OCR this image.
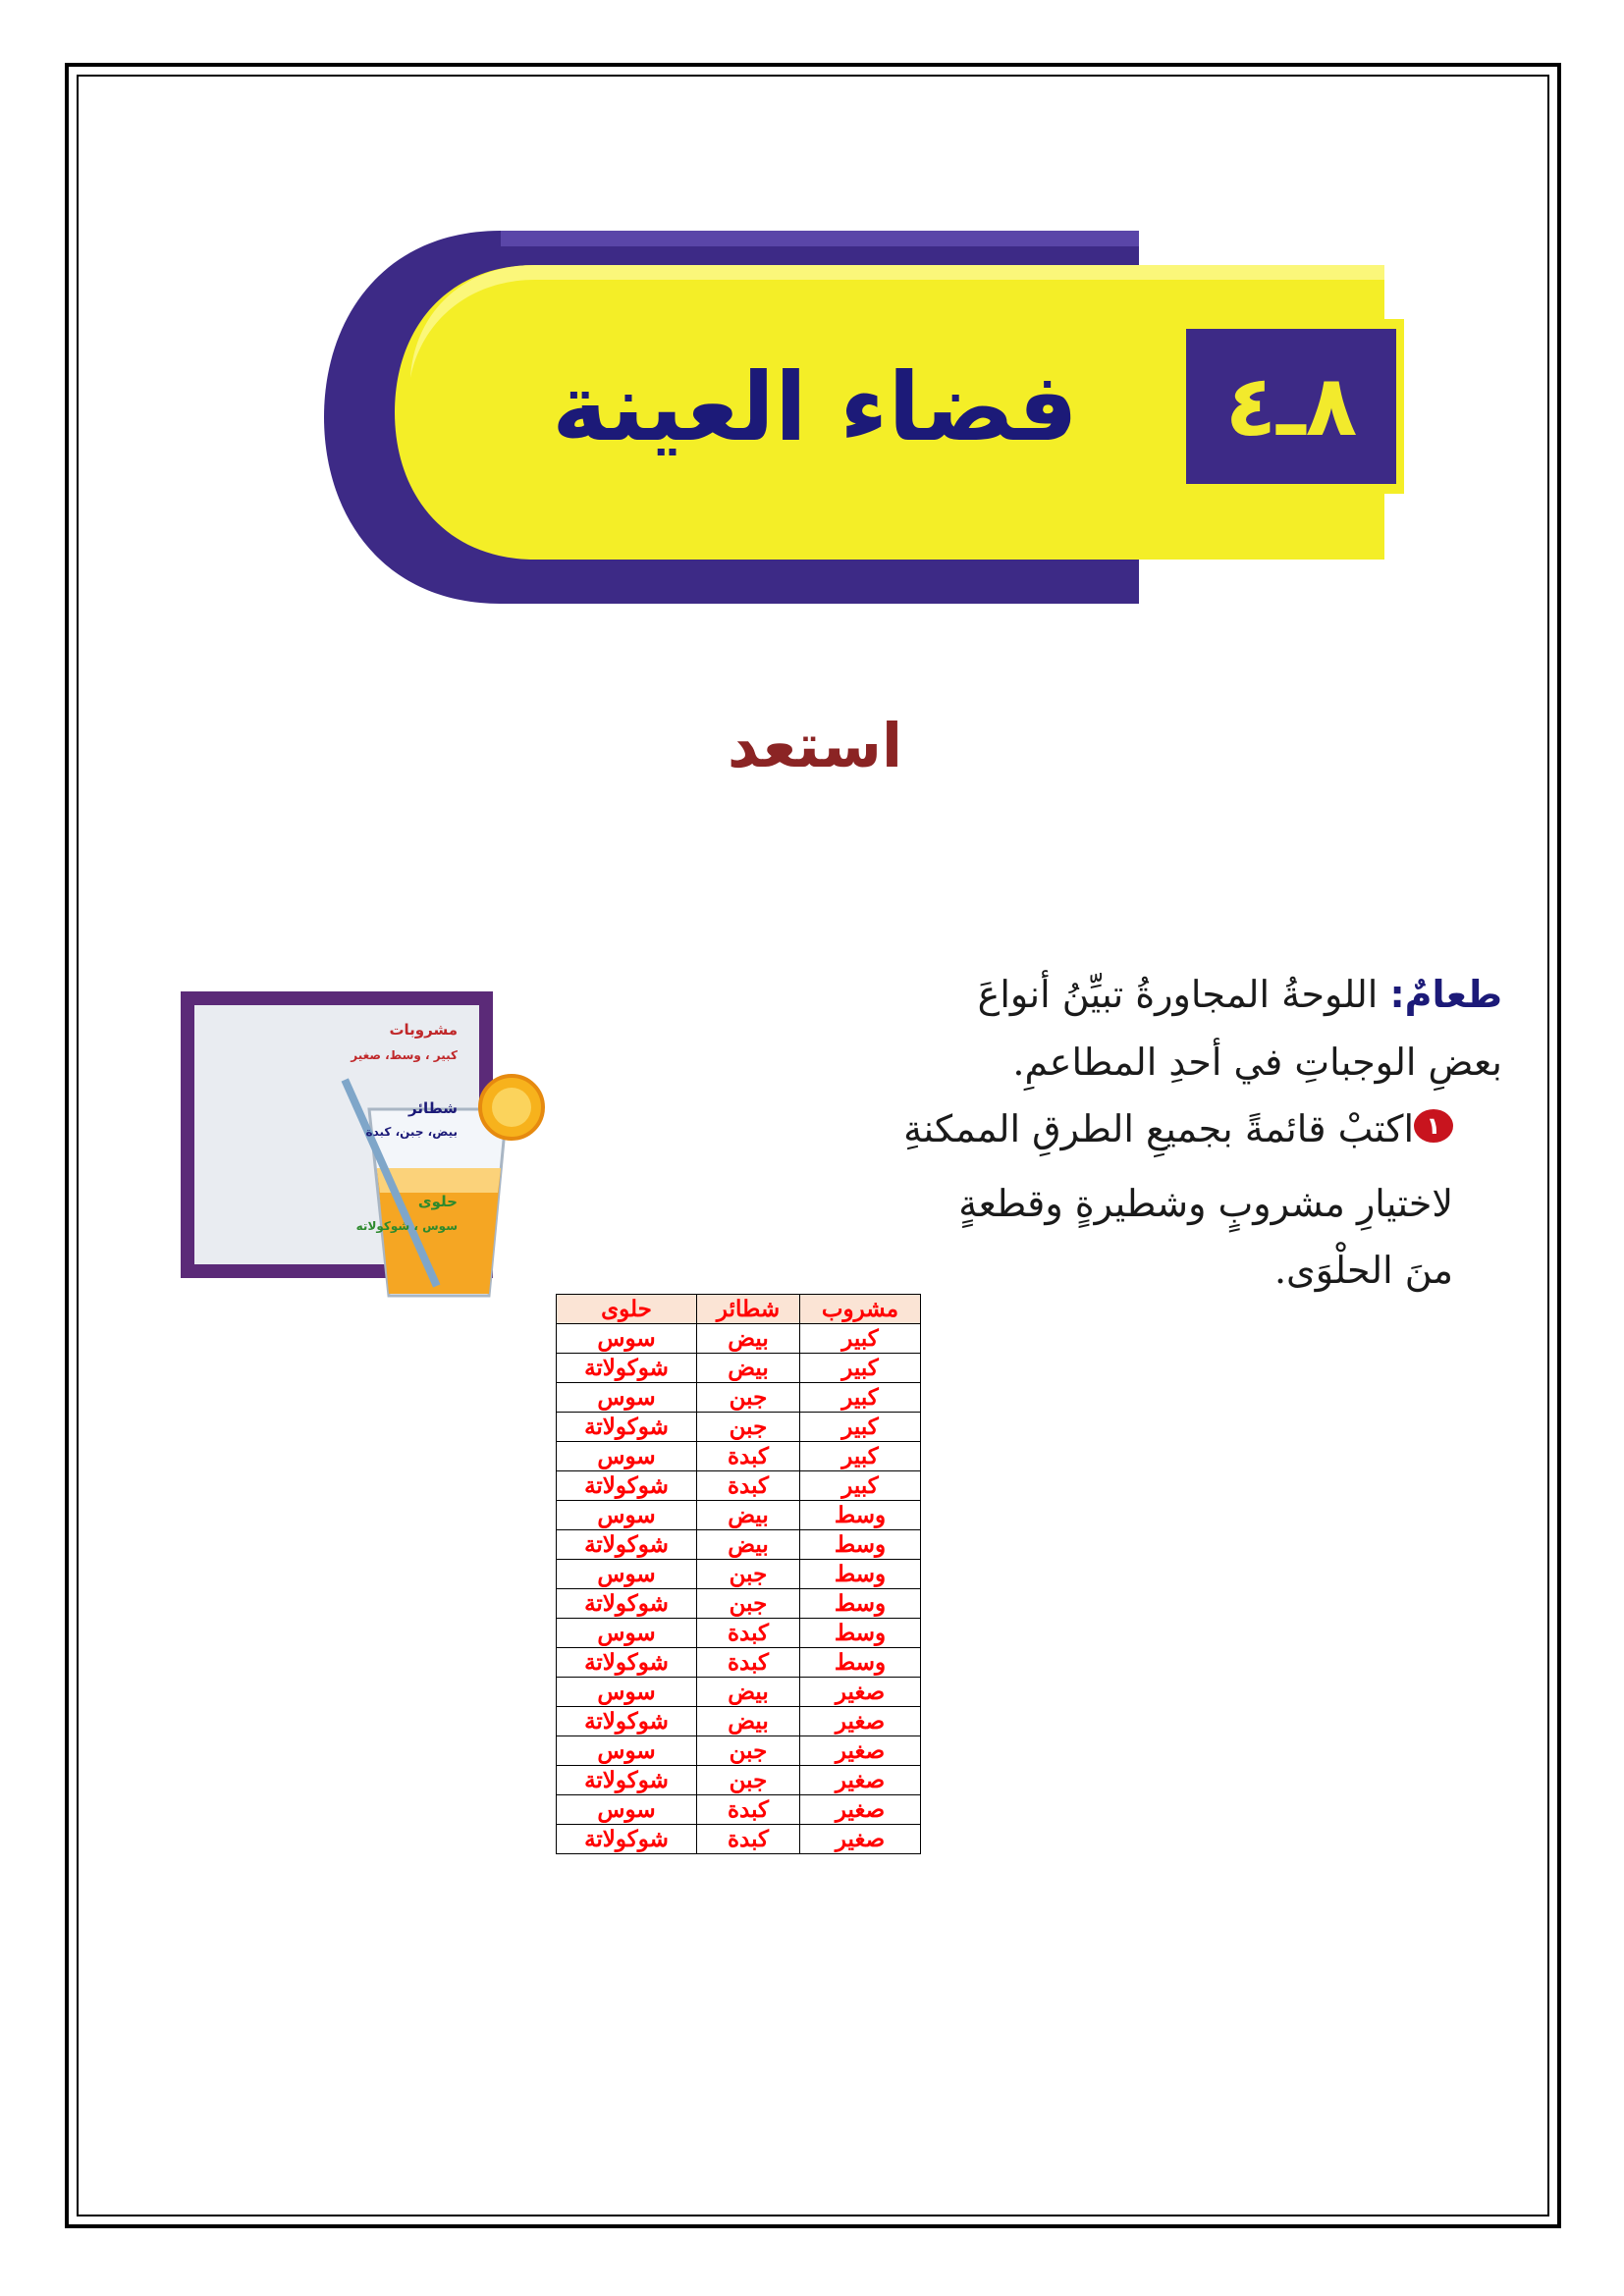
فضاء العينة	٨ـ٤
استعد
مشروبات
كبير ، وسط، صغير
شطائر
بيض، جبن، كبدة
حلوى
سوس ، شوكولاته
طعامٌ: اللوحةُ المجاورةُ تبيِّنُ أنواعَ
بعضِ الوجباتِ في أحدِ المطاعمِ.
١
اكتبْ قائمةً بجميعِ الطرقِ الممكنةِ
لاختيارِ مشروبٍ وشطيرةٍ وقطعةٍ
منَ الحلْوَى.
مشروب	شطائر	حلوى
كبير	بيض	سوس
كبير	بيض	شوكولاتة
كبير	جبن	سوس
كبير	جبن	شوكولاتة
كبير	كبدة	سوس
كبير	كبدة	شوكولاتة
وسط	بيض	سوس
وسط	بيض	شوكولاتة
وسط	جبن	سوس
وسط	جبن	شوكولاتة
وسط	كبدة	سوس
وسط	كبدة	شوكولاتة
صغير	بيض	سوس
صغير	بيض	شوكولاتة
صغير	جبن	سوس
صغير	جبن	شوكولاتة
صغير	كبدة	سوس
صغير	كبدة	شوكولاتة
